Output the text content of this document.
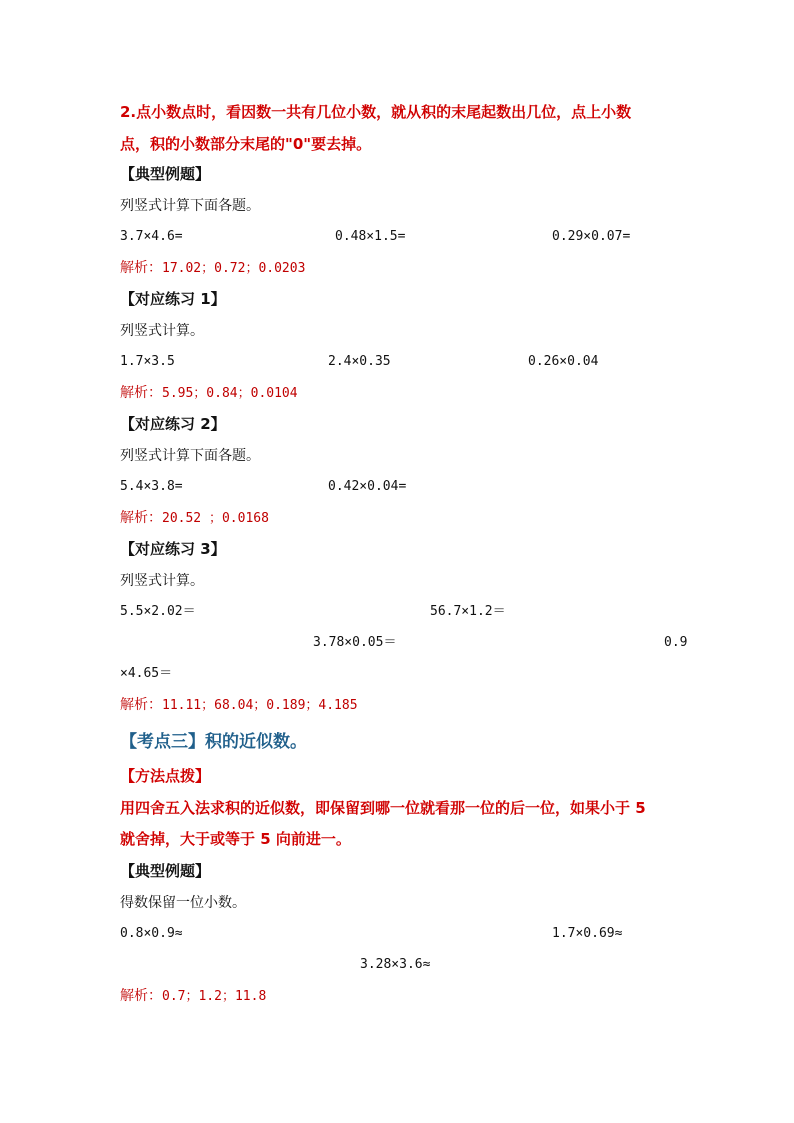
2.点小数点时，看因数一共有几位小数，就从积的末尾起数出几位，点上小数
点，积的小数部分末尾的"0"要去掉。
【典型例题】
列竖式计算下面各题。
3.7×4.6=	0.48×1.5=	0.29×0.07=
解析：17.02；0.72；0.0203
【对应练习 1】
列竖式计算。
1.7×3.5	2.4×0.35	0.26×0.04
解析：5.95；0.84；0.0104
【对应练习 2】
列竖式计算下面各题。
5.4×3.8=	0.42×0.04=
解析：20.52 ；0.0168
【对应练习 3】
列竖式计算。
5.5×2.02＝	56.7×1.2＝
3.78×0.05＝	0.9
×4.65＝
解析：11.11；68.04；0.189；4.185
【考点三】积的近似数。
【方法点拨】
用四舍五入法求积的近似数，即保留到哪一位就看那一位的后一位，如果小于 5
就舍掉，大于或等于 5 向前进一。
【典型例题】
得数保留一位小数。
0.8×0.9≈	1.7×0.69≈
3.28×3.6≈
解析：0.7；1.2；11.8
